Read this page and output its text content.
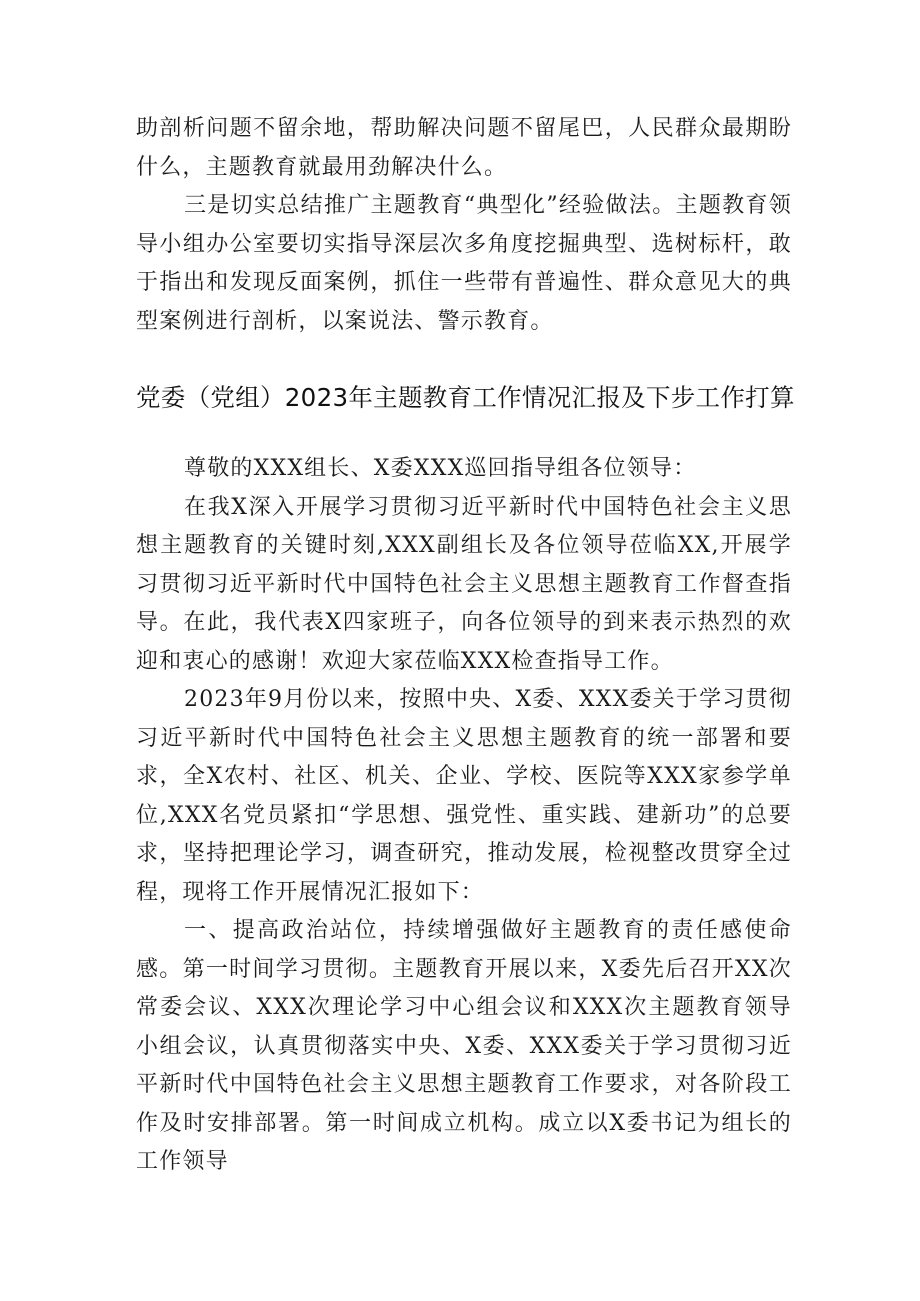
助剖析问题不留余地，帮助解决问题不留尾巴，人民群众最期盼什么，主题教育就最用劲解决什么。

三是切实总结推广主题教育“典型化”经验做法。主题教育领导小组办公室要切实指导深层次多角度挖掘典型、选树标杆，敢于指出和发现反面案例，抓住一些带有普遍性、群众意见大的典型案例进行剖析，以案说法、警示教育。

党委（党组）2023年主题教育工作情况汇报及下步工作打算

尊敬的XXX组长、X委XXX巡回指导组各位领导：

在我X深入开展学习贯彻习近平新时代中国特色社会主义思想主题教育的关键时刻,XXX副组长及各位领导莅临XX,开展学习贯彻习近平新时代中国特色社会主义思想主题教育工作督查指导。在此，我代表X四家班子，向各位领导的到来表示热烈的欢迎和衷心的感谢！欢迎大家莅临XXX检查指导工作。

2023年9月份以来，按照中央、X委、XXX委关于学习贯彻习近平新时代中国特色社会主义思想主题教育的统一部署和要求，全X农村、社区、机关、企业、学校、医院等XXX家参学单位,XXX名党员紧扣“学思想、强党性、重实践、建新功”的总要求，坚持把理论学习，调查研究，推动发展，检视整改贯穿全过程，现将工作开展情况汇报如下：

一、提高政治站位，持续增强做好主题教育的责任感使命感。第一时间学习贯彻。主题教育开展以来，X委先后召开XX次常委会议、XXX次理论学习中心组会议和XXX次主题教育领导小组会议，认真贯彻落实中央、X委、XXX委关于学习贯彻习近平新时代中国特色社会主义思想主题教育工作要求，对各阶段工作及时安排部署。第一时间成立机构。成立以X委书记为组长的工作领导
